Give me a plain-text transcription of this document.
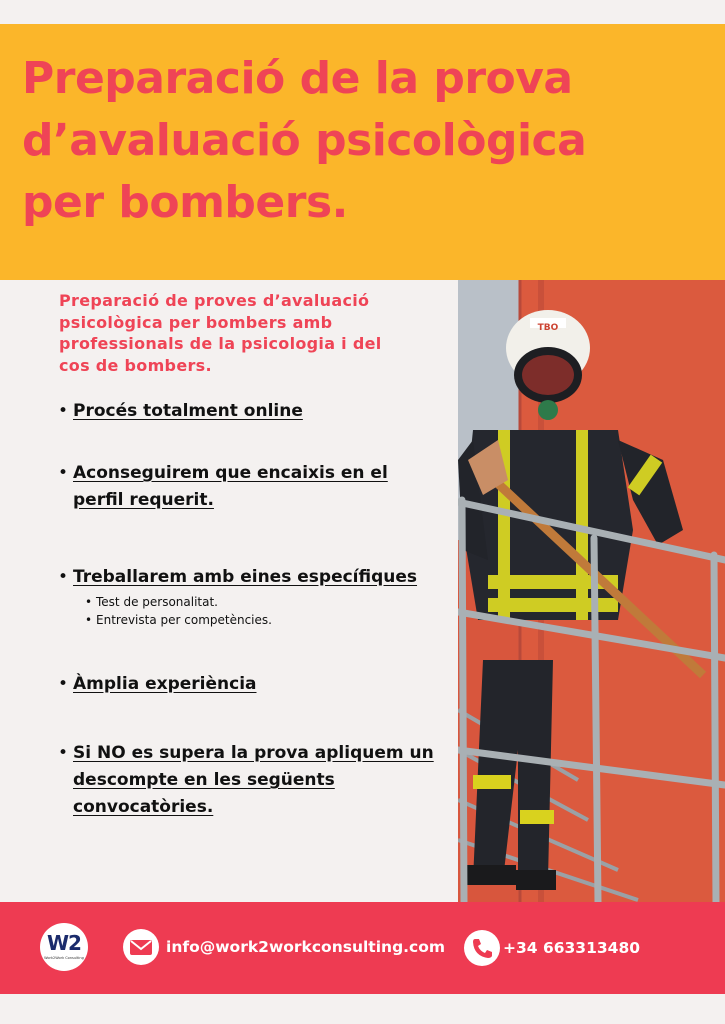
Preparació de la prova
d’avaluació psicològica
per bombers.

Preparació de proves d’avaluació
psicològica per bombers amb
professionals de la psicologia i del
cos de bombers.

• Procés totalment online
• Aconseguirem que encaixis en el
perfil requerit.
• Treballarem amb eines específiques
• Test de personalitat.
• Entrevista per competències.
• Àmplia experiència
• Si NO es supera la prova apliquem un
descompte en les següents
convocatòries.
TBO
W2
Work2Work Consulting
info@work2workconsulting.com	+34 663313480
